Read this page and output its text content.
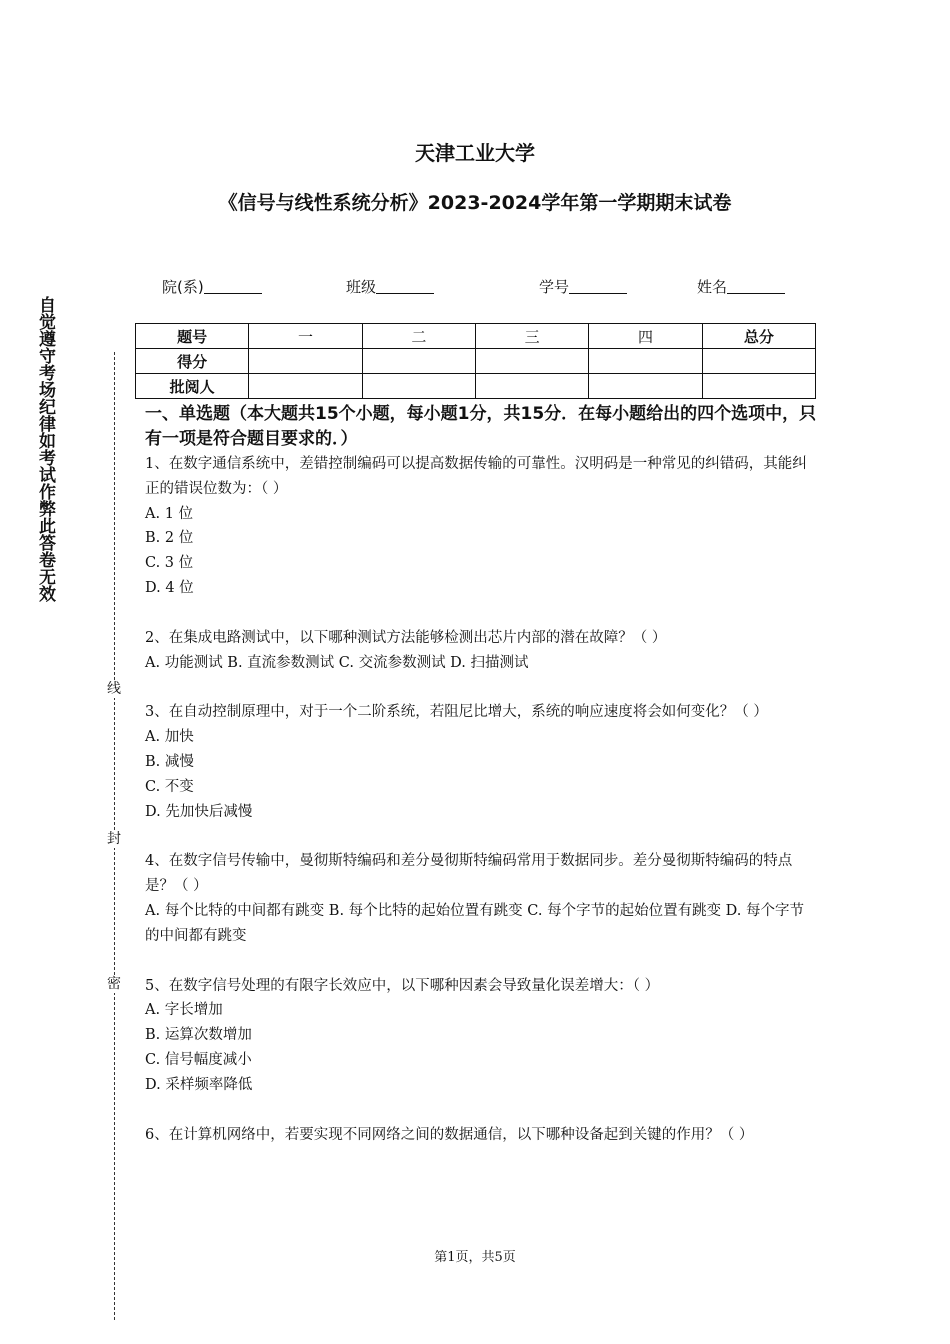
天津工业大学
《信号与线性系统分析》2023-2024学年第一学期期末试卷
院(系)	班级	学号	姓名
题号	一	二	三	四	总分
得分					
批阅人					
自觉遵守考场纪律如考试作弊此答卷无效
线
封
密
一、单选题（本大题共15个小题，每小题1分，共15分．在每小题给出的四个选项中，只有一项是符合题目要求的．）
1、在数字通信系统中，差错控制编码可以提高数据传输的可靠性。汉明码是一种常见的纠错码，其能纠正的错误位数为：（ ）
A. 1 位
B. 2 位
C. 3 位
D. 4 位
2、在集成电路测试中，以下哪种测试方法能够检测出芯片内部的潜在故障？（ ）
A. 功能测试 B. 直流参数测试 C. 交流参数测试 D. 扫描测试
3、在自动控制原理中，对于一个二阶系统，若阻尼比增大，系统的响应速度将会如何变化？（ ）
A. 加快
B. 减慢
C. 不变
D. 先加快后减慢
4、在数字信号传输中，曼彻斯特编码和差分曼彻斯特编码常用于数据同步。差分曼彻斯特编码的特点是？（ ）
A. 每个比特的中间都有跳变 B. 每个比特的起始位置有跳变 C. 每个字节的起始位置有跳变 D. 每个字节的中间都有跳变
5、在数字信号处理的有限字长效应中，以下哪种因素会导致量化误差增大：（ ）
A. 字长增加
B. 运算次数增加
C. 信号幅度减小
D. 采样频率降低
6、在计算机网络中，若要实现不同网络之间的数据通信，以下哪种设备起到关键的作用？（ ）
第1页，共5页
